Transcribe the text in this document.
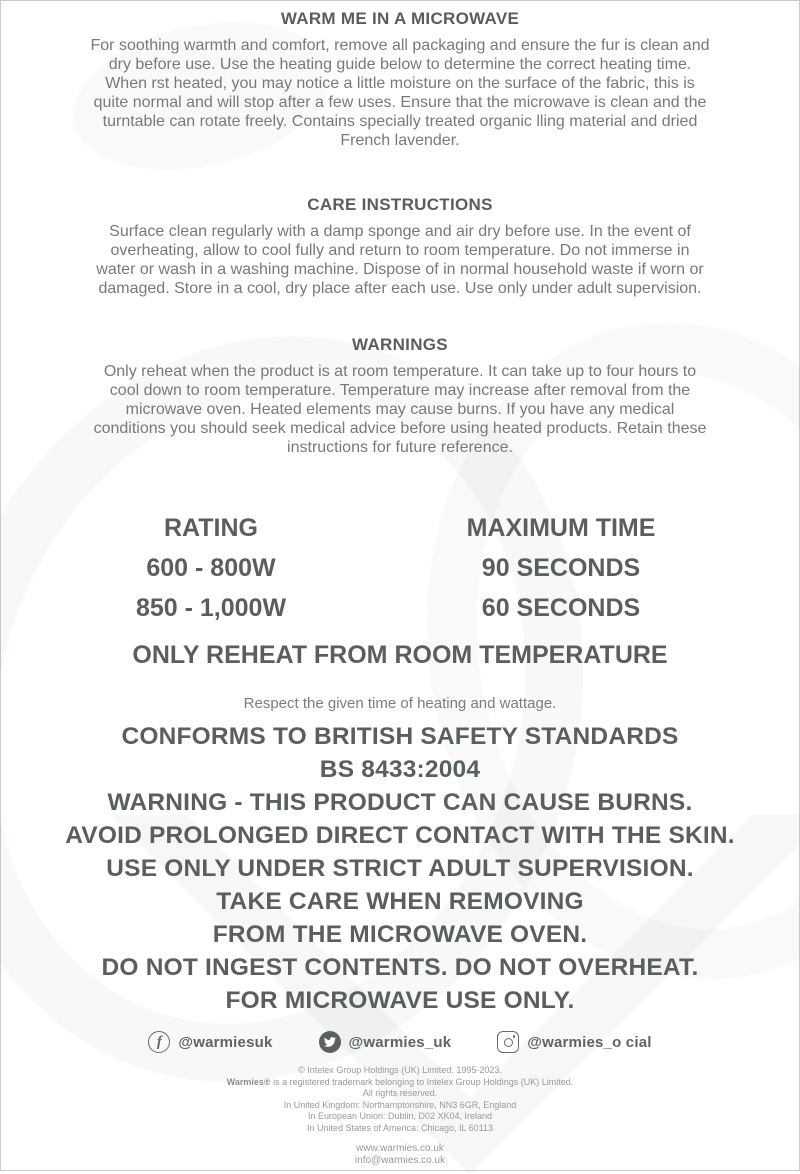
WARM ME IN A MICROWAVE

For soothing warmth and comfort, remove all packaging and ensure the fur is clean and dry before use. Use the heating guide below to determine the correct heating time. When rst heated, you may notice a little moisture on the surface of the fabric, this is quite normal and will stop after a few uses. Ensure that the microwave is clean and the turntable can rotate freely. Contains specially treated organic lling material and dried French lavender.

CARE INSTRUCTIONS

Surface clean regularly with a damp sponge and air dry before use. In the event of overheating, allow to cool fully and return to room temperature. Do not immerse in water or wash in a washing machine. Dispose of in normal household waste if worn or damaged. Store in a cool, dry place after each use. Use only under adult supervision.

WARNINGS

Only reheat when the product is at room temperature. It can take up to four hours to cool down to room temperature. Temperature may increase after removal from the microwave oven. Heated elements may cause burns. If you have any medical conditions you should seek medical advice before using heated products. Retain these instructions for future reference.

RATING
600 - 800W
850 - 1,000W
MAXIMUM TIME
90 SECONDS
60 SECONDS
ONLY REHEAT FROM ROOM TEMPERATURE
Respect the given time of heating and wattage.
CONFORMS TO BRITISH SAFETY STANDARDS
BS 8433:2004
WARNING - THIS PRODUCT CAN CAUSE BURNS.
AVOID PROLONGED DIRECT CONTACT WITH THE SKIN.
USE ONLY UNDER STRICT ADULT SUPERVISION.
TAKE CARE WHEN REMOVING
FROM THE MICROWAVE OVEN.
DO NOT INGEST CONTENTS. DO NOT OVERHEAT.
FOR MICROWAVE USE ONLY.
f @warmiesuk	@warmies_uk	@warmies_o cial
© Intelex Group Holdings (UK) Limited. 1995-2023.
Warmies® is a registered trademark belonging to Intelex Group Holdings (UK) Limited.
All rights reserved.
In United Kingdom: Northamptonshire, NN3 6GR, England
In European Union: Dublin, D02 XK04, Ireland
In United States of America: Chicago, IL 60113
www.warmies.co.uk
info@warmies.co.uk
